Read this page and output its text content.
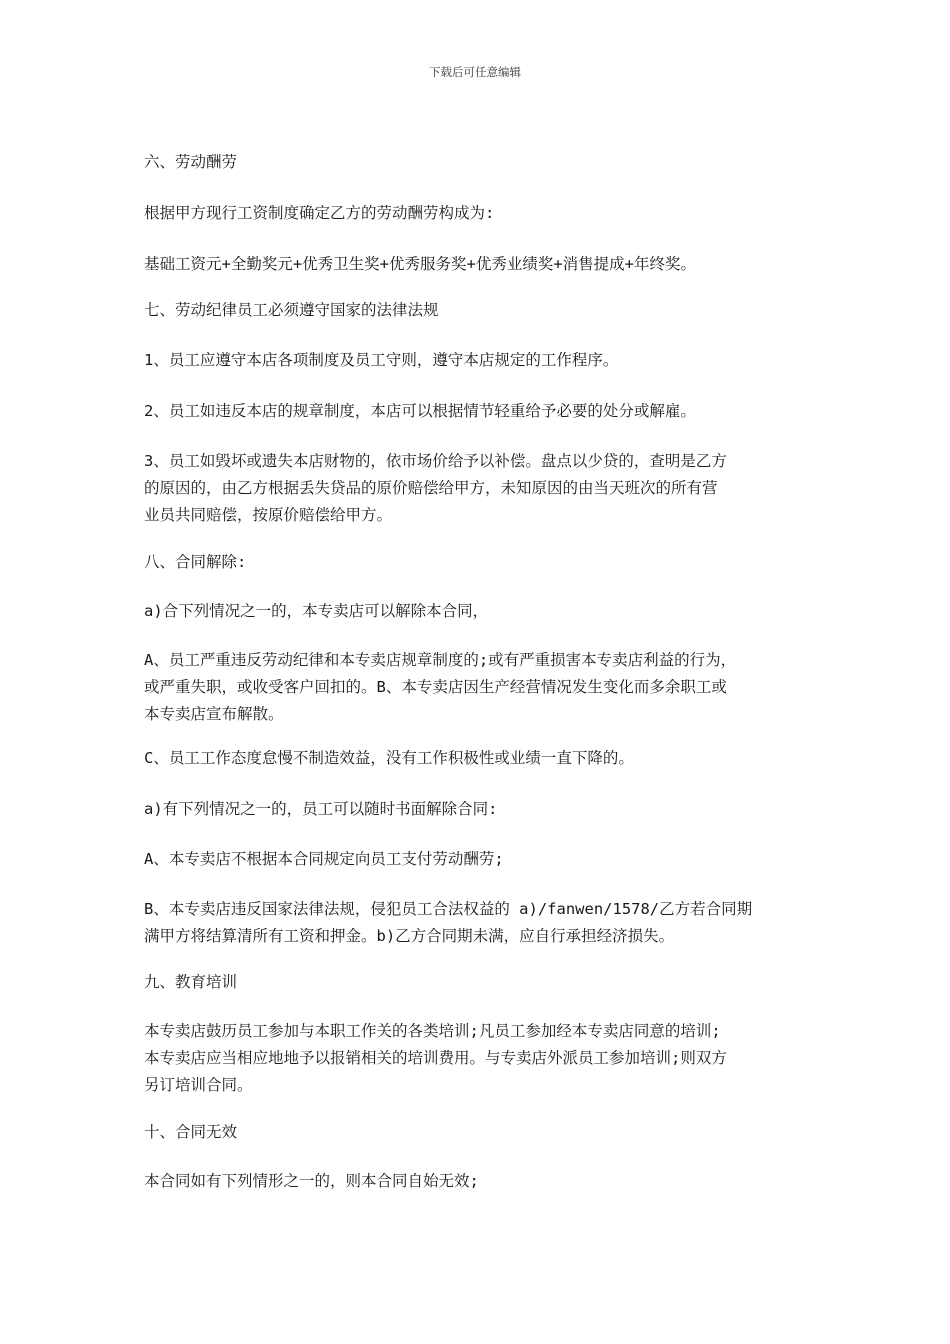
下载后可任意编辑
六、劳动酬劳
根据甲方现行工资制度确定乙方的劳动酬劳构成为:
基础工资元+全勤奖元+优秀卫生奖+优秀服务奖+优秀业绩奖+消售提成+年终奖。
七、劳动纪律员工必须遵守国家的法律法规
1、员工应遵守本店各项制度及员工守则，遵守本店规定的工作程序。
2、员工如违反本店的规章制度，本店可以根据情节轻重给予必要的处分或解雇。
3、员工如毁坏或遗失本店财物的，依市场价给予以补偿。盘点以少贷的，查明是乙方
的原因的，由乙方根据丢失贷品的原价赔偿给甲方，未知原因的由当天班次的所有营
业员共同赔偿，按原价赔偿给甲方。
八、合同解除:
a)合下列情况之一的，本专卖店可以解除本合同，
A、员工严重违反劳动纪律和本专卖店规章制度的;或有严重损害本专卖店利益的行为，
或严重失职，或收受客户回扣的。B、本专卖店因生产经营情况发生变化而多余职工或
本专卖店宣布解散。
C、员工工作态度怠慢不制造效益，没有工作积极性或业绩一直下降的。
a)有下列情况之一的，员工可以随时书面解除合同:
A、本专卖店不根据本合同规定向员工支付劳动酬劳;
B、本专卖店违反国家法律法规，侵犯员工合法权益的 a)/fanwen/1578/乙方若合同期
满甲方将结算清所有工资和押金。b)乙方合同期未满，应自行承担经济损失。
九、教育培训
本专卖店鼓历员工参加与本职工作关的各类培训;凡员工参加经本专卖店同意的培训;
本专卖店应当相应地地予以报销相关的培训费用。与专卖店外派员工参加培训;则双方
另订培训合同。
十、合同无效
本合同如有下列情形之一的，则本合同自始无效;
